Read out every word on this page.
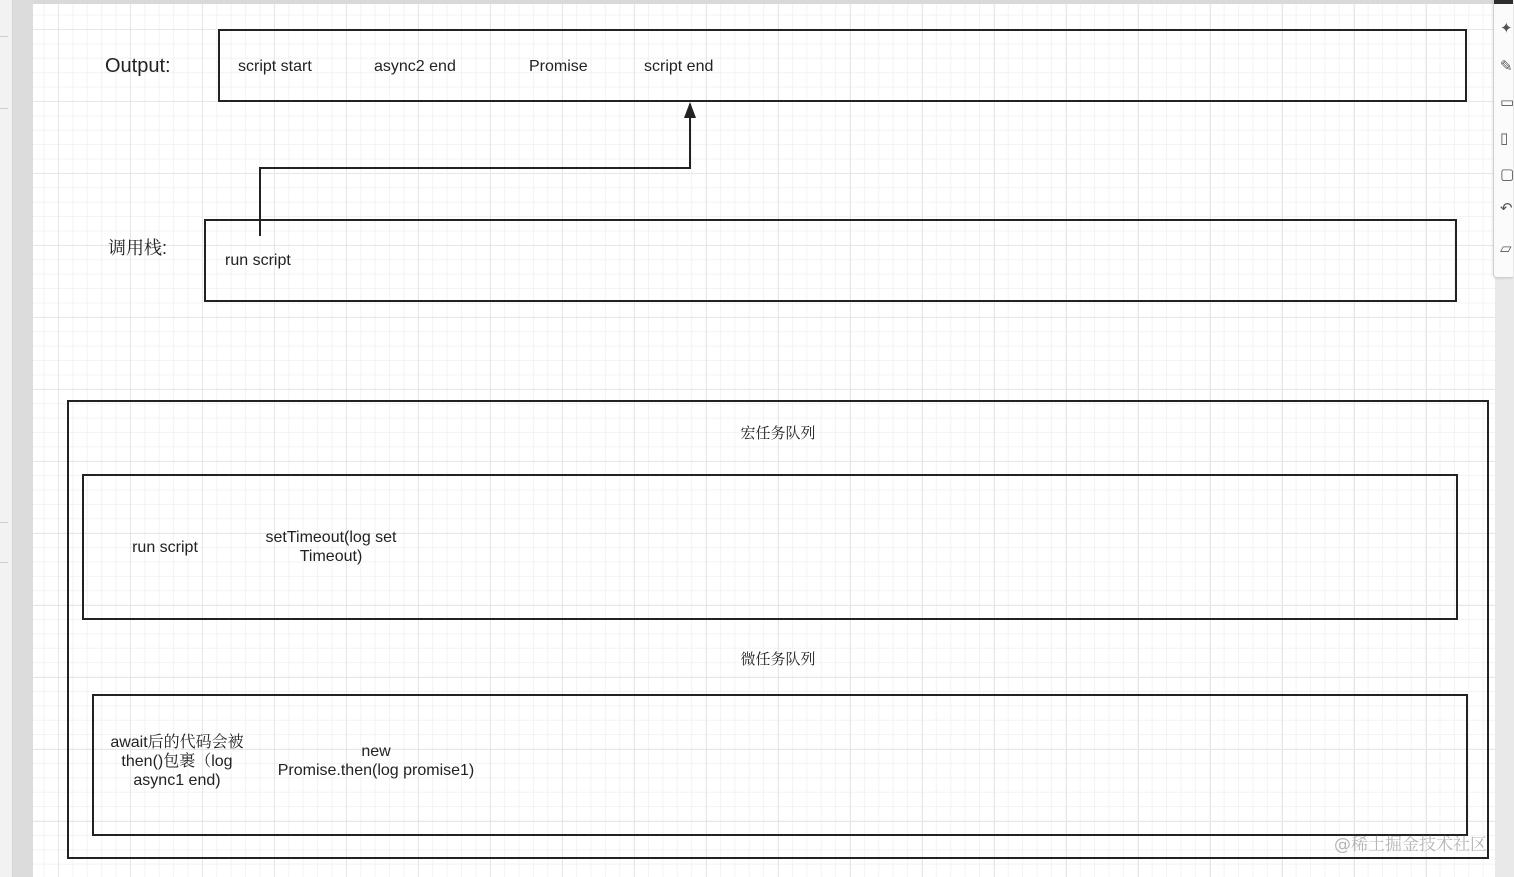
Output:	script start	async2 end	Promise	script end
调用栈:
run script
宏任务队列
run script
setTimeout(log set
Timeout)
微任务队列
await后的代码会被
then()包裹（log
async1 end)
new
Promise.then(log promise1)
@稀土掘金技术社区
✦
✎
▭
▯
▢
↶
▱
